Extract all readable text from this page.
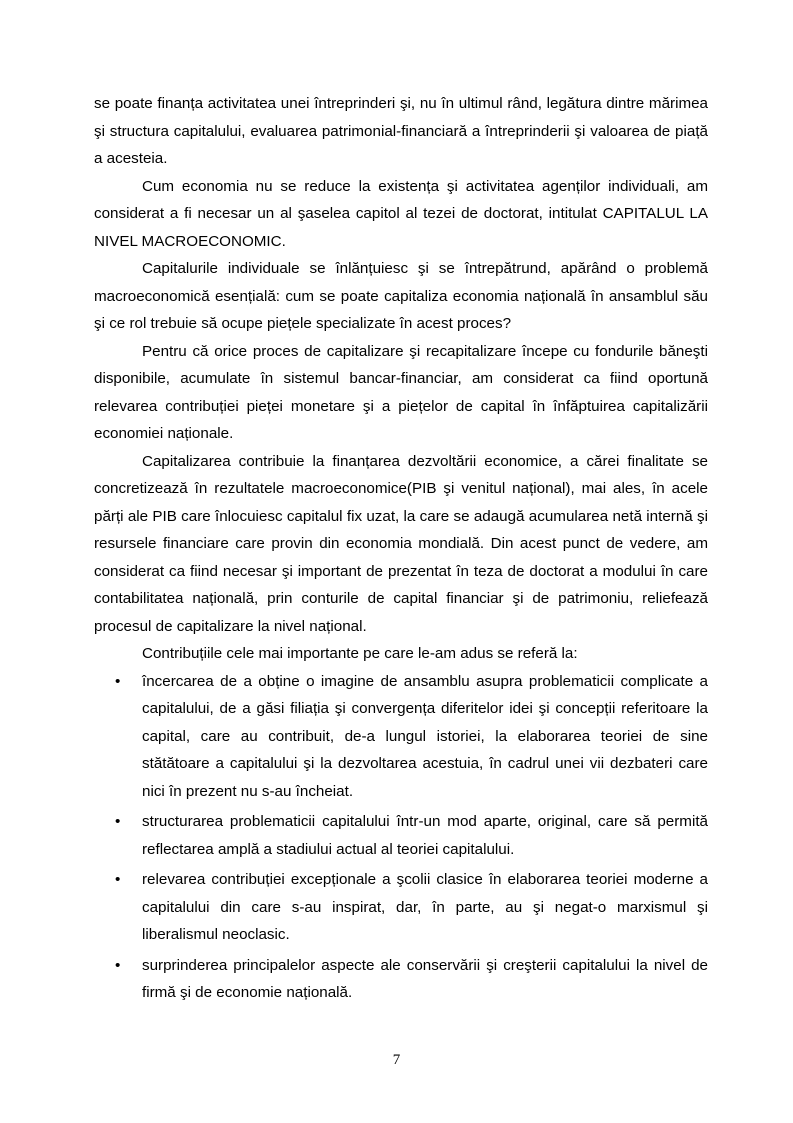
se poate finanța activitatea unei întreprinderi şi, nu în ultimul rând, legătura dintre mărimea şi structura capitalului, evaluarea patrimonial-financiară a întreprinderii şi valoarea de piață a acesteia.

Cum economia nu se reduce la existența şi activitatea agenților individuali, am considerat a fi necesar un al şaselea capitol al tezei de doctorat, intitulat CAPITALUL LA NIVEL MACROECONOMIC.

Capitalurile individuale se înlănțuiesc şi se întrepătrund, apărând o problemă macroeconomică esențială: cum se poate capitaliza economia națională în ansamblul său şi ce rol trebuie să ocupe piețele specializate în acest proces?

Pentru că orice proces de capitalizare şi recapitalizare începe cu fondurile băneşti disponibile, acumulate în sistemul bancar-financiar, am considerat ca fiind oportună relevarea contribuției pieței monetare şi a piețelor de capital în înfăptuirea capitalizării economiei naționale.

Capitalizarea contribuie la finanțarea dezvoltării economice, a cărei finalitate se concretizează în rezultatele macroeconomice(PIB şi venitul național), mai ales, în acele părți ale PIB care înlocuiesc capitalul fix uzat, la care se adaugă acumularea netă internă şi resursele financiare care provin din economia mondială. Din acest punct de vedere, am considerat ca fiind necesar şi important de prezentat în teza de doctorat a modului în care contabilitatea națională, prin conturile de capital financiar şi de patrimoniu, reliefează procesul de capitalizare la nivel național.

Contribuțiile cele mai importante pe care le-am adus se referă la:

• încercarea de a obține o imagine de ansamblu asupra problematicii complicate a capitalului, de a găsi filiația şi convergența diferitelor idei şi concepții referitoare la capital, care au contribuit, de-a lungul istoriei, la elaborarea teoriei de sine stătătoare a capitalului şi la dezvoltarea acestuia, în cadrul unei vii dezbateri care nici în prezent nu s-au încheiat.
• structurarea problematicii capitalului într-un mod aparte, original, care să permită reflectarea amplă a stadiului actual al teoriei capitalului.
• relevarea contribuției excepționale a şcolii clasice în elaborarea teoriei moderne a capitalului din care s-au inspirat, dar, în parte, au şi negat-o marxismul şi liberalismul neoclasic.
• surprinderea principalelor aspecte ale conservării şi creşterii capitalului la nivel de firmă şi de economie națională.
7
